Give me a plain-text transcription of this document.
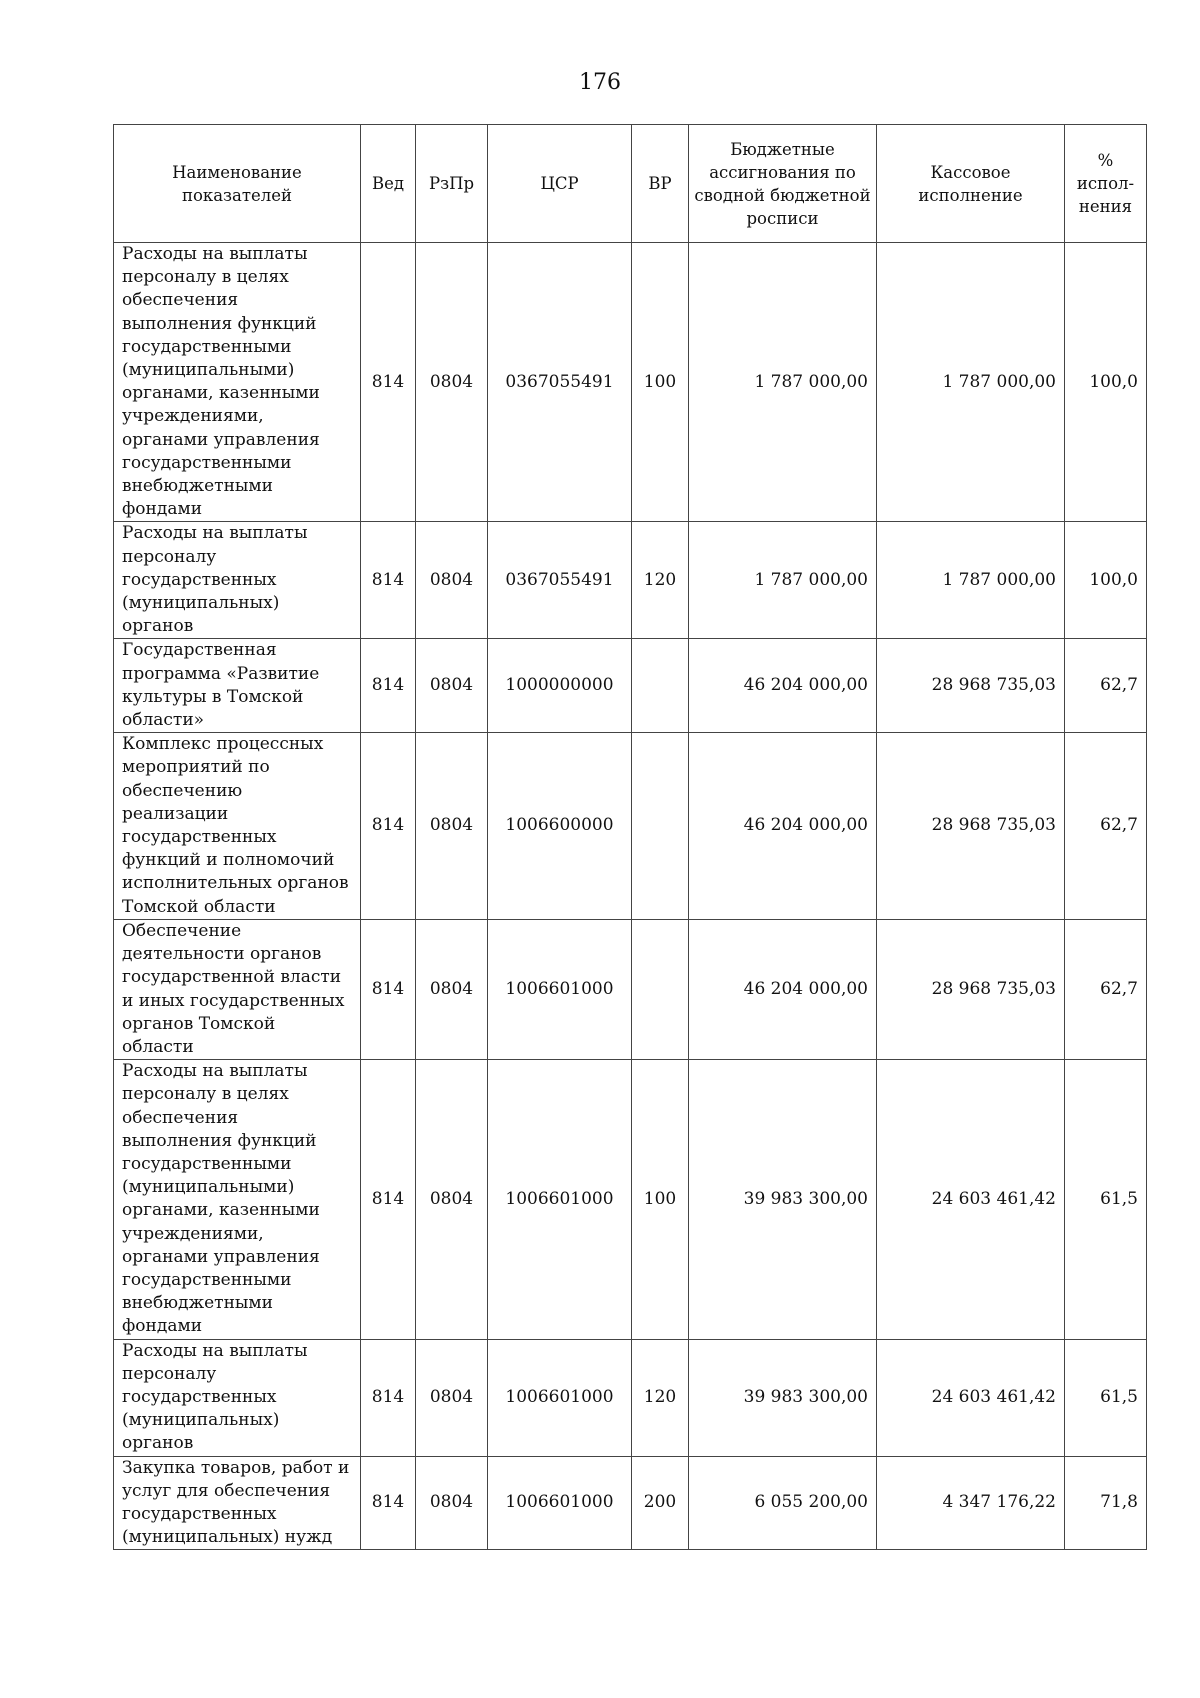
176
Наименование показателей	Вед	РзПр	ЦСР	ВР	Бюджетные ассигнования по сводной бюджетной росписи	Кассовое исполнение	% испол-нения
Расходы на выплаты персоналу в целях обеспечения выполнения функций государственными (муниципальными) органами, казенными учреждениями, органами управления государственными внебюджетными фондами	814	0804	0367055491	100	1 787 000,00	1 787 000,00	100,0
Расходы на выплаты персоналу государственных (муниципальных) органов	814	0804	0367055491	120	1 787 000,00	1 787 000,00	100,0
Государственная программа «Развитие культуры в Томской области»	814	0804	1000000000		46 204 000,00	28 968 735,03	62,7
Комплекс процессных мероприятий по обеспечению реализации государственных функций и полномочий исполнительных органов Томской области	814	0804	1006600000		46 204 000,00	28 968 735,03	62,7
Обеспечение деятельности органов государственной власти и иных государственных органов Томской области	814	0804	1006601000		46 204 000,00	28 968 735,03	62,7
Расходы на выплаты персоналу в целях обеспечения выполнения функций государственными (муниципальными) органами, казенными учреждениями, органами управления государственными внебюджетными фондами	814	0804	1006601000	100	39 983 300,00	24 603 461,42	61,5
Расходы на выплаты персоналу государственных (муниципальных) органов	814	0804	1006601000	120	39 983 300,00	24 603 461,42	61,5
Закупка товаров, работ и услуг для обеспечения государственных (муниципальных) нужд	814	0804	1006601000	200	6 055 200,00	4 347 176,22	71,8
